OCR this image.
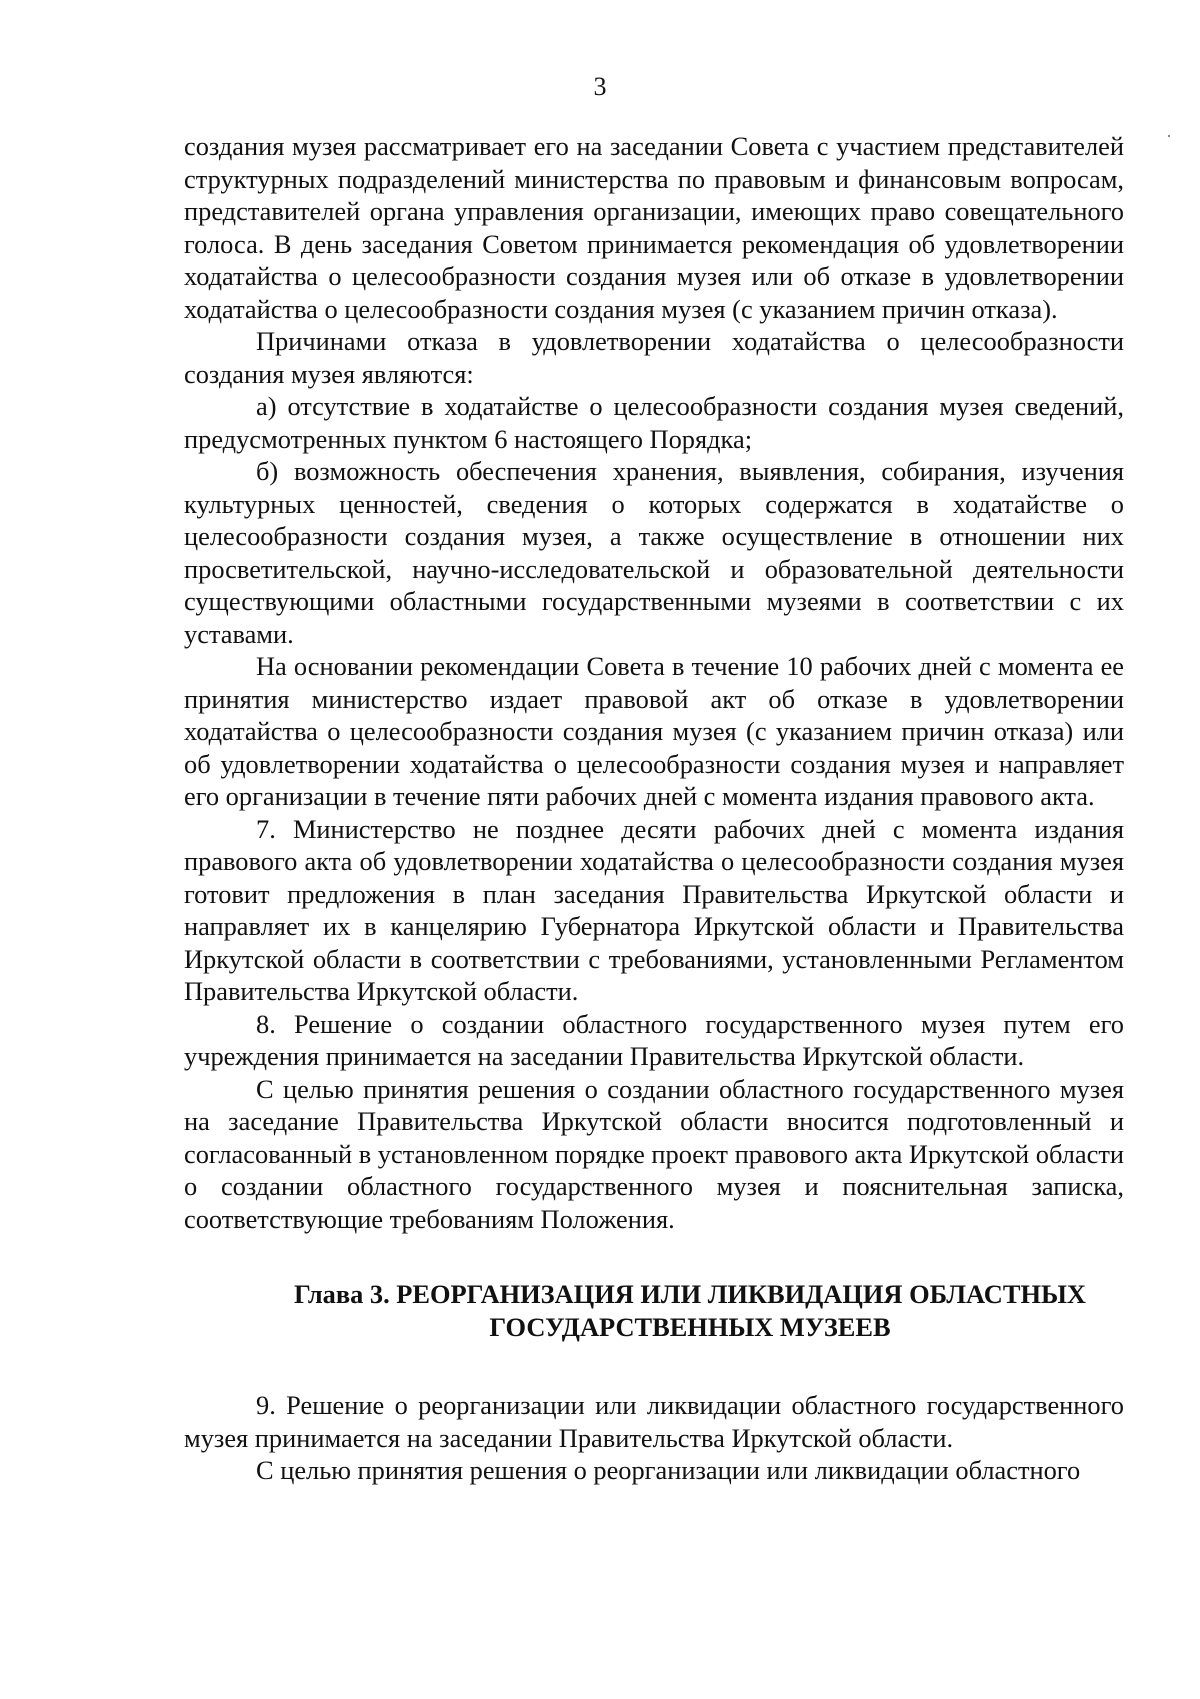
3

создания музея рассматривает его на заседании Совета с участием представителей структурных подразделений министерства по правовым и финансовым вопросам, представителей органа управления организации, имеющих право совещательного голоса. В день заседания Советом принимается рекомендация об удовлетворении ходатайства о целесообразности создания музея или об отказе в удовлетворении ходатайства о целесообразности создания музея (с указанием причин отказа).

Причинами отказа в удовлетворении ходатайства о целесообразности создания музея являются:

а) отсутствие в ходатайстве о целесообразности создания музея сведений, предусмотренных пунктом 6 настоящего Порядка;

б) возможность обеспечения хранения, выявления, собирания, изучения культурных ценностей, сведения о которых содержатся в ходатайстве о целесообразности создания музея, а также осуществление в отношении них просветительской, научно-исследовательской и образовательной деятельности существующими областными государственными музеями в соответствии с их уставами.

На основании рекомендации Совета в течение 10 рабочих дней с момента ее принятия министерство издает правовой акт об отказе в удовлетворении ходатайства о целесообразности создания музея (с указанием причин отказа) или об удовлетворении ходатайства о целесообразности создания музея и направляет его организации в течение пяти рабочих дней с момента издания правового акта.

7. Министерство не позднее десяти рабочих дней с момента издания правового акта об удовлетворении ходатайства о целесообразности создания музея готовит предложения в план заседания Правительства Иркутской области и направляет их в канцелярию Губернатора Иркутской области и Правительства Иркутской области в соответствии с требованиями, установленными Регламентом Правительства Иркутской области.

8. Решение о создании областного государственного музея путем его учреждения принимается на заседании Правительства Иркутской области.

С целью принятия решения о создании областного государственного музея на заседание Правительства Иркутской области вносится подготовленный и согласованный в установленном порядке проект правового акта Иркутской области о создании областного государственного музея и пояснительная записка, соответствующие требованиям Положения.

Глава 3. РЕОРГАНИЗАЦИЯ ИЛИ ЛИКВИДАЦИЯ ОБЛАСТНЫХ
ГОСУДАРСТВЕННЫХ МУЗЕЕВ

9. Решение о реорганизации или ликвидации областного государственного музея принимается на заседании Правительства Иркутской области.

С целью принятия решения о реорганизации или ликвидации областного
